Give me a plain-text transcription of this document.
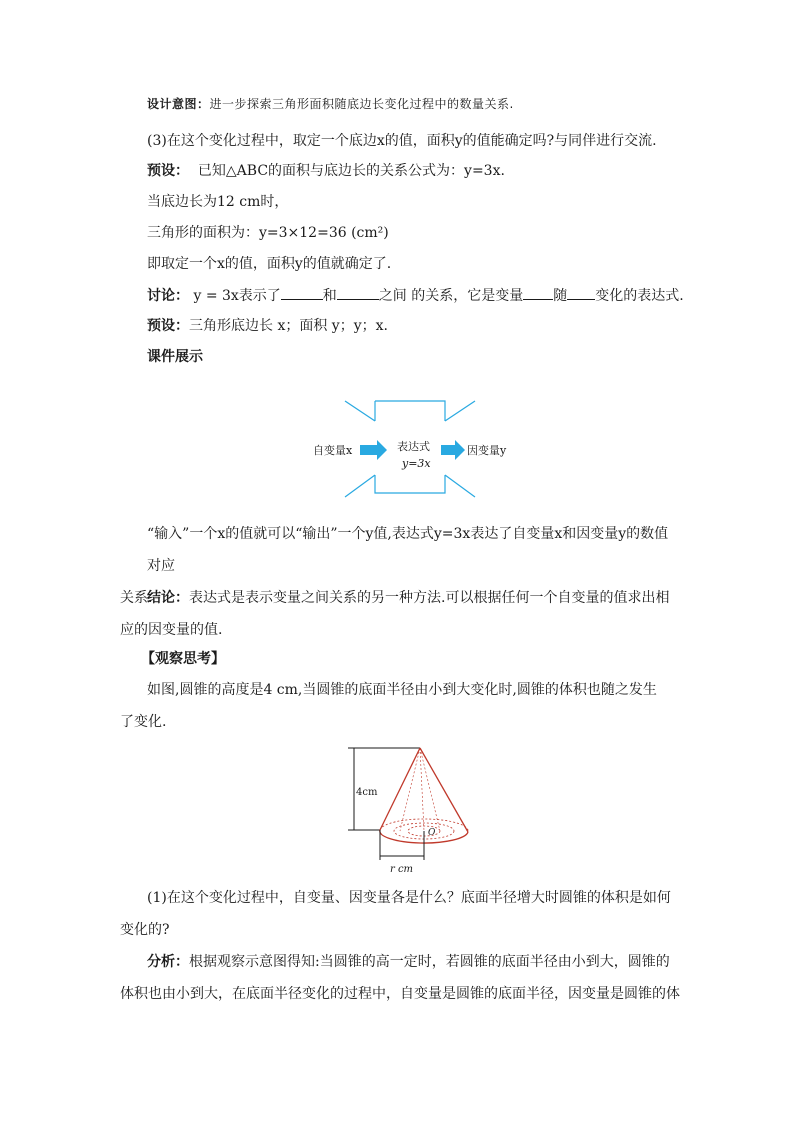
设计意图：进一步探索三角形面积随底边长变化过程中的数量关系.
(3)在这个变化过程中，取定一个底边x的值，面积y的值能确定吗?与同伴进行交流.
预设： 已知△ABC的面积与底边长的关系公式为：y=3x.
当底边长为12 cm时，
三角形的面积为：y=3×12=36 (cm²)
即取定一个x的值，面积y的值就确定了.
讨论： y = 3x表示了	和	之间 的关系，它是变量 随 变化的表达式.
预设：三角形底边长 x；面积 y；y；x.
课件展示
自变量x	表达式
y=3x
因变量y
“输入”一个x的值就可以“输出”一个y值,表达式y=3x表达了自变量x和因变量y的数值对应
关系.
结论：表达式是表示变量之间关系的另一种方法.可以根据任何一个自变量的值求出相
应的因变量的值.
【观察思考】
如图,圆锥的高度是4 cm,当圆锥的底面半径由小到大变化时,圆锥的体积也随之发生
了变化.
4cm
O
r cm
(1)在这个变化过程中，自变量、因变量各是什么？底面半径增大时圆锥的体积是如何
变化的?
分析：根据观察示意图得知:当圆锥的高一定时，若圆锥的底面半径由小到大，圆锥的
体积也由小到大，在底面半径变化的过程中，自变量是圆锥的底面半径，因变量是圆锥的体
